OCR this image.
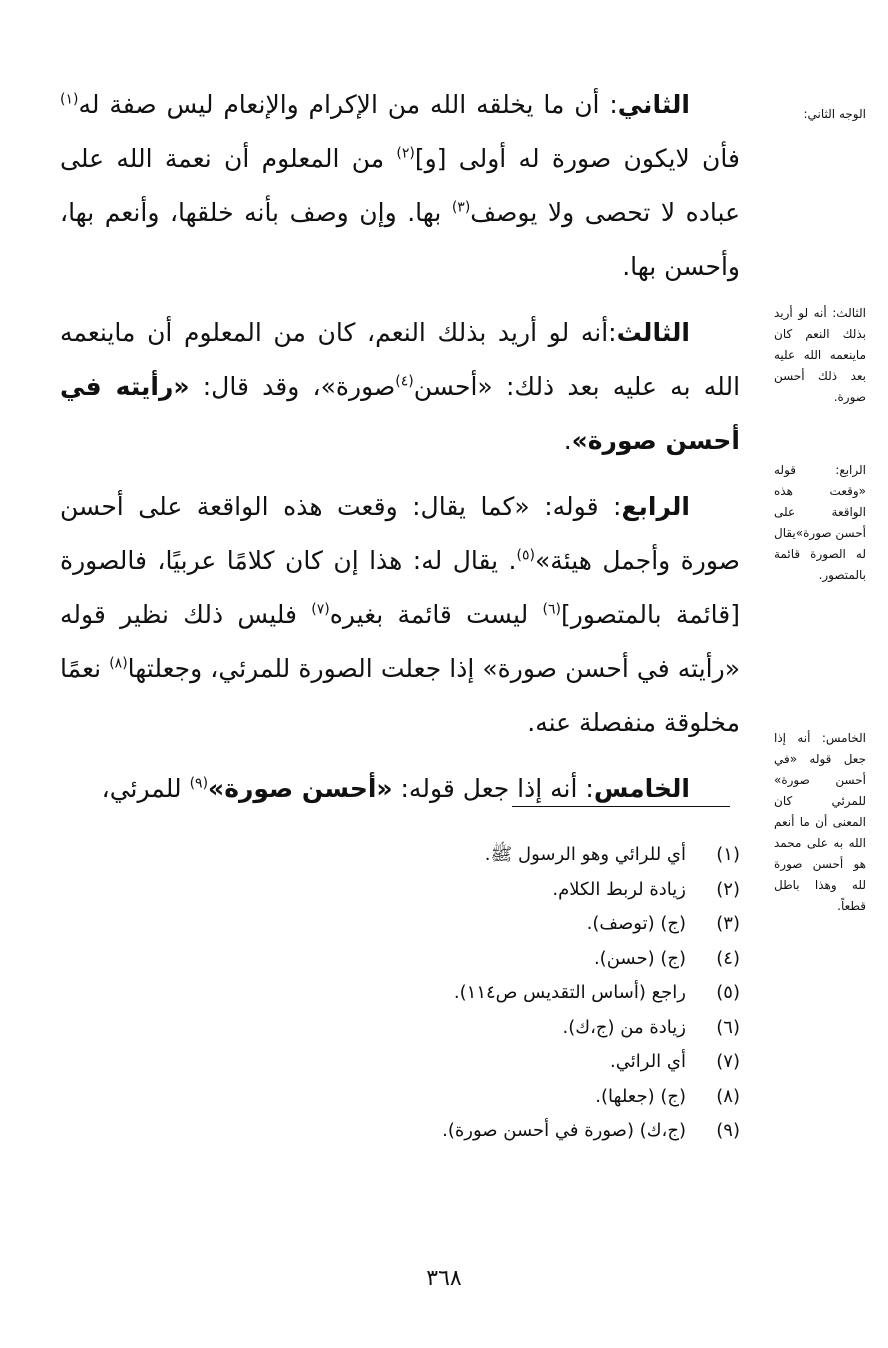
الثاني: أن ما يخلقه الله من الإكرام والإنعام ليس صفة له$^{(١)}$ فأن لايكون صورة له أولى [و]$^{(٢)}$ من المعلوم أن نعمة الله على عباده لا تحصى ولا يوصف$^{(٣)}$ بها. وإن وصف بأنه خلقها، وأنعم بها، وأحسن بها.

الثالث:أنه لو أريد بذلك النعم، كان من المعلوم أن ماينعمه الله به عليه بعد ذلك: «أحسن$^{(٤)}$صورة»، وقد قال: «رأيته في أحسن صورة».

الرابع: قوله: «كما يقال: وقعت هذه الواقعة على أحسن صورة وأجمل هيئة»$^{(٥)}$. يقال له: هذا إن كان كلامًا عربيًا، فالصورة [قائمة بالمتصور]$^{(٦)}$ ليست قائمة بغيره$^{(٧)}$ فليس ذلك نظير قوله «رأيته في أحسن صورة» إذا جعلت الصورة للمرئي، وجعلتها$^{(٨)}$ نعمًا مخلوقة منفصلة عنه.

الخامس: أنه إذا جعل قوله: «أحسن صورة»$^{(٩)}$ للمرئي،

الوجه الثاني:
الثالث: أنه لو أريد بذلك النعم كان ماينعمه الله عليه بعد ذلك أحسن صورة.
الرابع: قوله «وقعت هذه الواقعة على أحسن صورة»يقال له الصورة قائمة بالمتصور.
الخامس: أنه إذا جعل قوله «في أحسن صورة» للمرئي كان المعنى أن ما أنعم الله به على محمد هو أحسن صورة لله وهذا باطل قطعاً.
(١)
أي للرائي وهو الرسول ﷺ.
(٢)
زيادة لربط الكلام.
(٣)
(ج) (توصف).
(٤)
(ج) (حسن).
(٥)
راجع (أساس التقديس ص١١٤).
(٦)
زيادة من (ج،ك).
(٧)
أي الرائي.
(٨)
(ج) (جعلها).
(٩)
(ج،ك) (صورة في أحسن صورة).
٣٦٨
